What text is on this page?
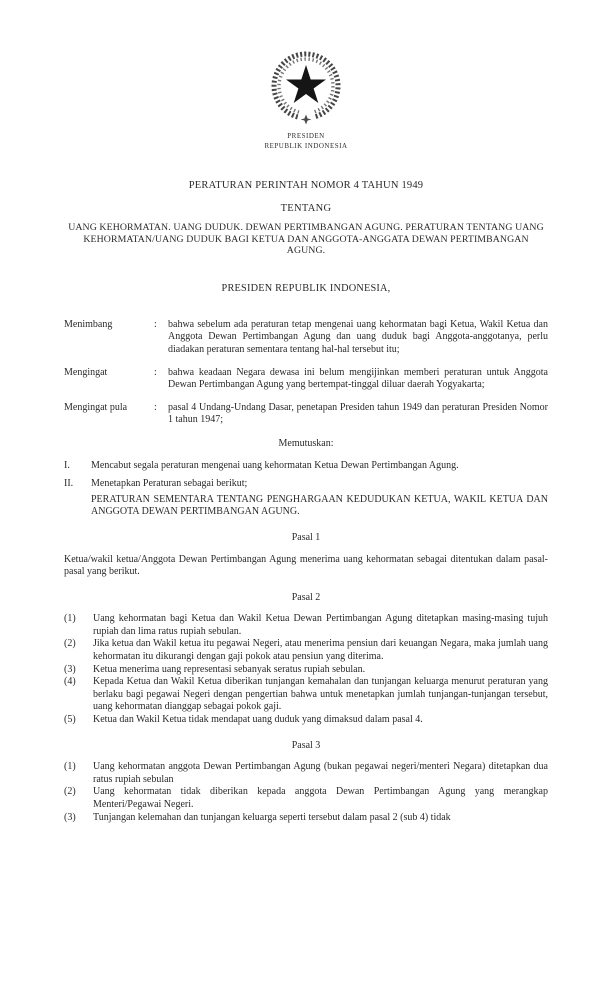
PRESIDEN
REPUBLIK INDONESIA
PERATURAN PERINTAH NOMOR 4 TAHUN 1949
TENTANG
UANG KEHORMATAN. UANG DUDUK. DEWAN PERTIMBANGAN AGUNG. PERATURAN TENTANG UANG KEHORMATAN/UANG DUDUK BAGI KETUA DAN ANGGOTA-ANGGATA DEWAN PERTIMBANGAN AGUNG.
PRESIDEN REPUBLIK INDONESIA,
Menimbang	:	bahwa sebelum ada peraturan tetap mengenai uang kehormatan bagi Ketua, Wakil Ketua dan Anggota Dewan Pertimbangan Agung dan uang duduk bagi Anggota-anggotanya, perlu diadakan peraturan sementara tentang hal-hal tersebut itu;
Mengingat	:	bahwa keadaan Negara dewasa ini belum mengijinkan memberi peraturan untuk Anggota Dewan Pertimbangan Agung yang bertempat-tinggal diluar daerah Yogyakarta;
Mengingat pula	:	pasal 4 Undang-Undang Dasar, penetapan Presiden tahun 1949 dan peraturan Presiden Nomor 1 tahun 1947;
Memutuskan:
I.	Mencabut segala peraturan mengenai uang kehormatan Ketua Dewan Pertimbangan Agung.
II.	Menetapkan Peraturan sebagai berikut;
PERATURAN SEMENTARA TENTANG PENGHARGAAN KEDUDUKAN KETUA, WAKIL KETUA DAN ANGGOTA DEWAN PERTIMBANGAN AGUNG.
Pasal 1
Ketua/wakil ketua/Anggota Dewan Pertimbangan Agung menerima uang kehormatan sebagai ditentukan dalam pasal-pasal yang berikut.
Pasal 2
(1)	Uang kehormatan bagi Ketua dan Wakil Ketua Dewan Pertimbangan Agung ditetapkan masing-masing tujuh rupiah dan lima ratus rupiah sebulan.
(2)	Jika ketua dan Wakil ketua itu pegawai Negeri, atau menerima pensiun dari keuangan Negara, maka jumlah uang kehormatan itu dikurangi dengan gaji pokok atau pensiun yang diterima.
(3)	Ketua menerima uang representasi sebanyak seratus rupiah sebulan.
(4)	Kepada Ketua dan Wakil Ketua diberikan tunjangan kemahalan dan tunjangan keluarga menurut peraturan yang berlaku bagi pegawai Negeri dengan pengertian bahwa untuk menetapkan jumlah tunjangan-tunjangan tersebut, uang kehormatan dianggap sebagai pokok gaji.
(5)	Ketua dan Wakil Ketua tidak mendapat uang duduk yang dimaksud dalam pasal 4.
Pasal 3
(1)	Uang kehormatan anggota Dewan Pertimbangan Agung (bukan pegawai negeri/menteri Negara) ditetapkan dua ratus rupiah sebulan
(2)	Uang kehormatan tidak diberikan kepada anggota Dewan Pertimbangan Agung yang merangkap Menteri/Pegawai Negeri.
(3)	Tunjangan kelemahan dan tunjangan keluarga seperti tersebut dalam pasal 2 (sub 4) tidak
